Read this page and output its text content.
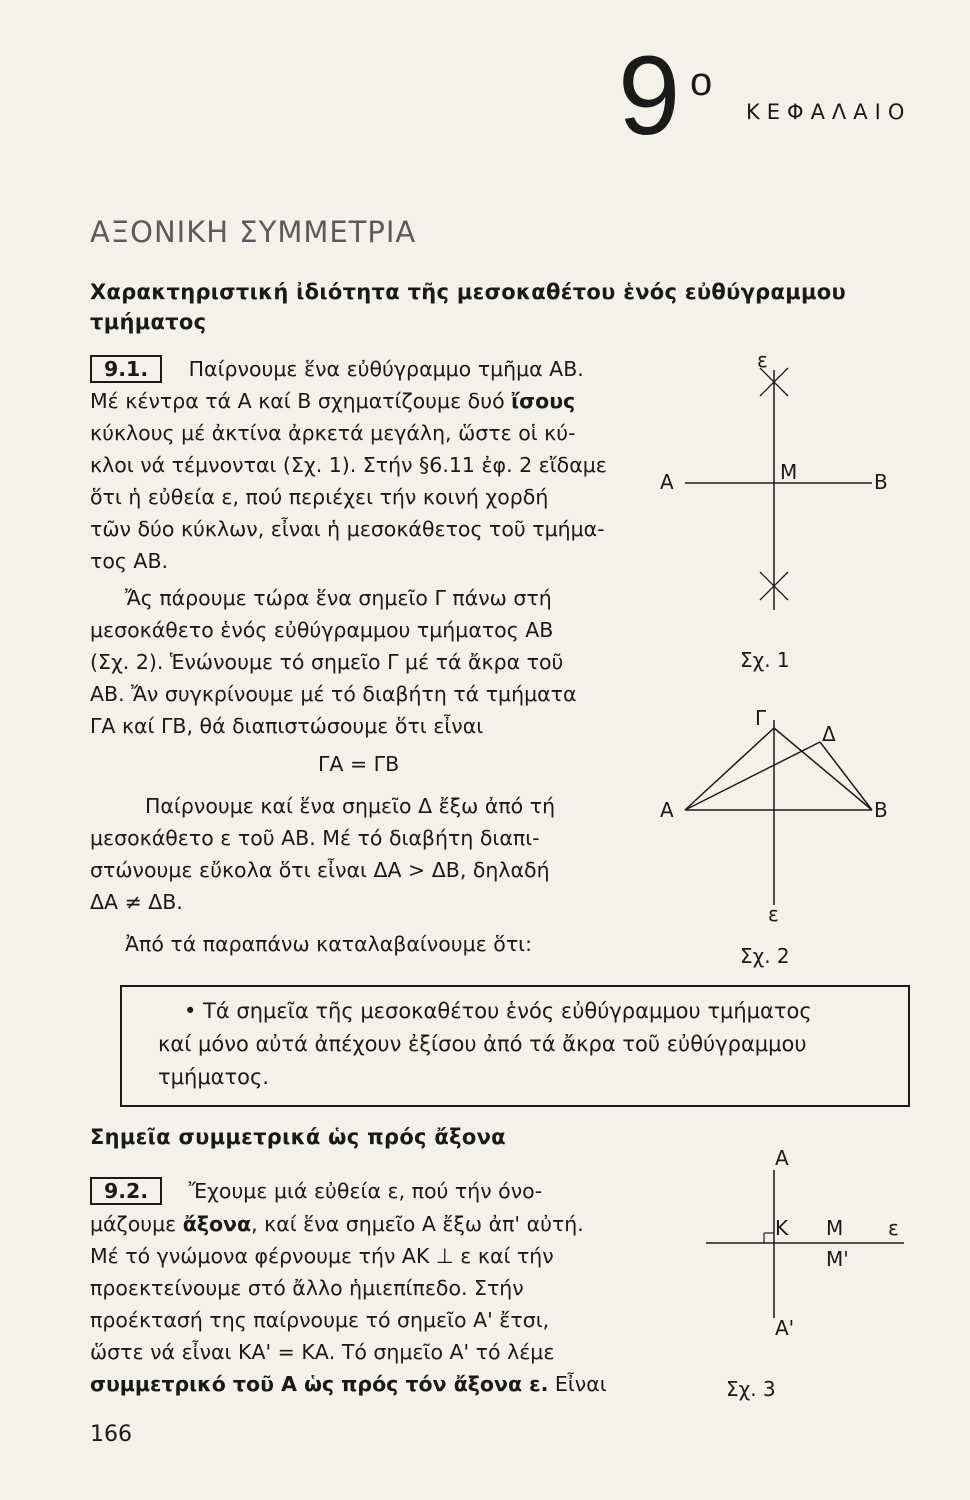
9 ο
ΚΕΦΑΛΑΙΟ
ΑΞΟΝΙΚΗ ΣΥΜΜΕΤΡΙΑ
Χαρακτηριστική ἰδιότητα τῆς μεσοκαθέτου ἑνός εὐθύγραμμου
τμήματος
9.1. Παίρνουμε ἕνα εὐθύγραμμο τμῆμα ΑΒ.
Μέ κέντρα τά Α καί Β σχηματίζουμε δυό ἴσους
κύκλους μέ ἀκτίνα ἀρκετά μεγάλη, ὥστε οἱ κύ-
κλοι νά τέμνονται (Σχ. 1). Στήν §6.11 ἐφ. 2 εἴδαμε
ὅτι ἡ εὐθεία ε, πού περιέχει τήν κοινή χορδή
τῶν δύο κύκλων, εἶναι ἡ μεσοκάθετος τοῦ τμήμα-
τος ΑΒ.
Ἄς πάρουμε τώρα ἕνα σημεῖο Γ πάνω στή
μεσοκάθετο ἑνός εὐθύγραμμου τμήματος ΑΒ
(Σχ. 2). Ἑνώνουμε τό σημεῖο Γ μέ τά ἄκρα τοῦ
ΑΒ. Ἄν συγκρίνουμε μέ τό διαβήτη τά τμήματα
ΓΑ καί ΓΒ, θά διαπιστώσουμε ὅτι εἶναι
ΓΑ = ΓΒ
Παίρνουμε καί ἕνα σημεῖο Δ ἔξω ἀπό τή
μεσοκάθετο ε τοῦ ΑΒ. Μέ τό διαβήτη διαπι-
στώνουμε εὔκολα ὅτι εἶναι ΔΑ > ΔΒ, δηλαδή
ΔΑ ≠ ΔΒ.
Ἀπό τά παραπάνω καταλαβαίνουμε ὅτι:
• Τά σημεῖα τῆς μεσοκαθέτου ἑνός εὐθύγραμμου τμήματος
καί μόνο αὐτά ἀπέχουν ἐξίσου ἀπό τά ἄκρα τοῦ εὐθύγραμμου
τμήματος.
Σημεῖα συμμετρικά ὡς πρός ἄξονα
9.2. Ἔχουμε μιά εὐθεία ε, πού τήν όνο-
μάζουμε ἄξονα, καί ἕνα σημεῖο Α ἔξω ἀπ' αὐτή.
Μέ τό γνώμονα φέρνουμε τήν ΑΚ ⊥ ε καί τήν
προεκτείνουμε στό ἄλλο ἡμιεπίπεδο. Στήν
προέκτασή της παίρνουμε τό σημεῖο Α' ἔτσι,
ὥστε νά εἶναι ΚΑ' = ΚΑ. Τό σημεῖο Α' τό λέμε
συμμετρικό τοῦ Α ὡς πρός τόν ἄξονα ε. Εἶναι
ε
Α	Μ	Β
Σχ. 1
Γ
Δ
Α	Β
ε
Σχ. 2
Α
Κ Μ ε
Μ'
Α'
Σχ. 3
166
